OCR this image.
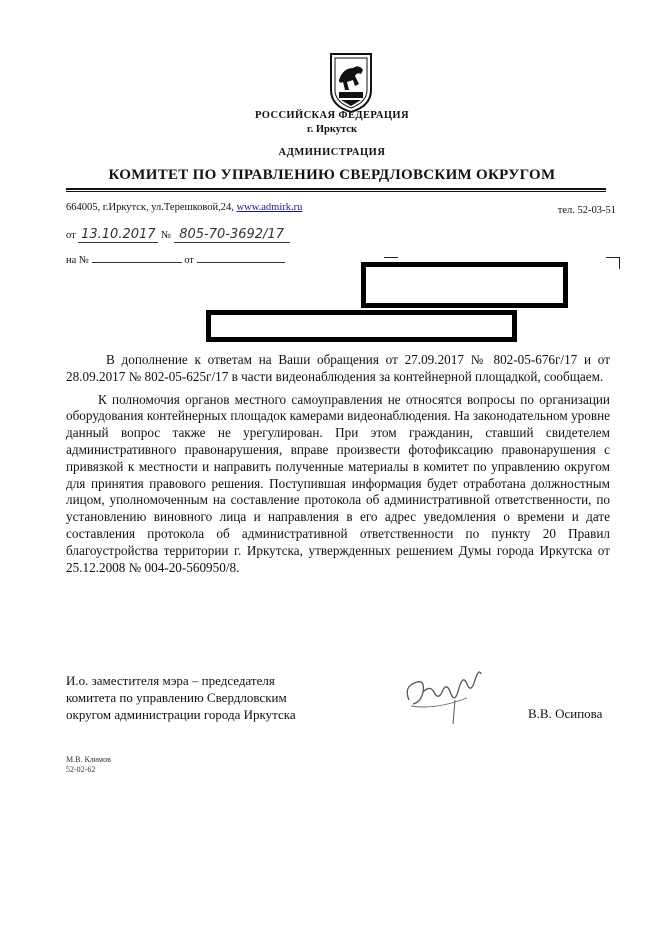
РОССИЙСКАЯ ФЕДЕРАЦИЯ
г. Иркутск
АДМИНИСТРАЦИЯ
КОМИТЕТ ПО УПРАВЛЕНИЮ СВЕРДЛОВСКИМ ОКРУГОМ
664005, г.Иркутск, ул.Терешковой,24, www.admirk.ru	тел. 52-03-51
от 13.10.2017 № 805-70-3692/17
на №	от

В дополнение к ответам на Ваши обращения от 27.09.2017 № 802-05-676г/17 и от 28.09.2017 № 802-05-625г/17 в части видеонаблюдения за контейнерной площадкой, сообщаем.

К полномочия органов местного самоуправления не относятся вопросы по организации оборудования контейнерных площадок камерами видеонаблюдения. На законодательном уровне данный вопрос также не урегулирован. При этом гражданин, ставший свидетелем административного правонарушения, вправе произвести фотофиксацию правонарушения с привязкой к местности и направить полученные материалы в комитет по управлению округом для принятия правового решения. Поступившая информация будет отработана должностным лицом, уполномоченным на составление протокола об административной ответственности, по установлению виновного лица и направления в его адрес уведомления о времени и дате составления протокола об административной ответственности по пункту 20 Правил благоустройства территории г. Иркутска, утвержденных решением Думы города Иркутска от 25.12.2008 № 004-20-560950/8.

И.о. заместителя мэра – председателя
комитета по управлению Свердловским
округом администрации города Иркутска	В.В. Осипова
М.В. Климов
52-02-62
